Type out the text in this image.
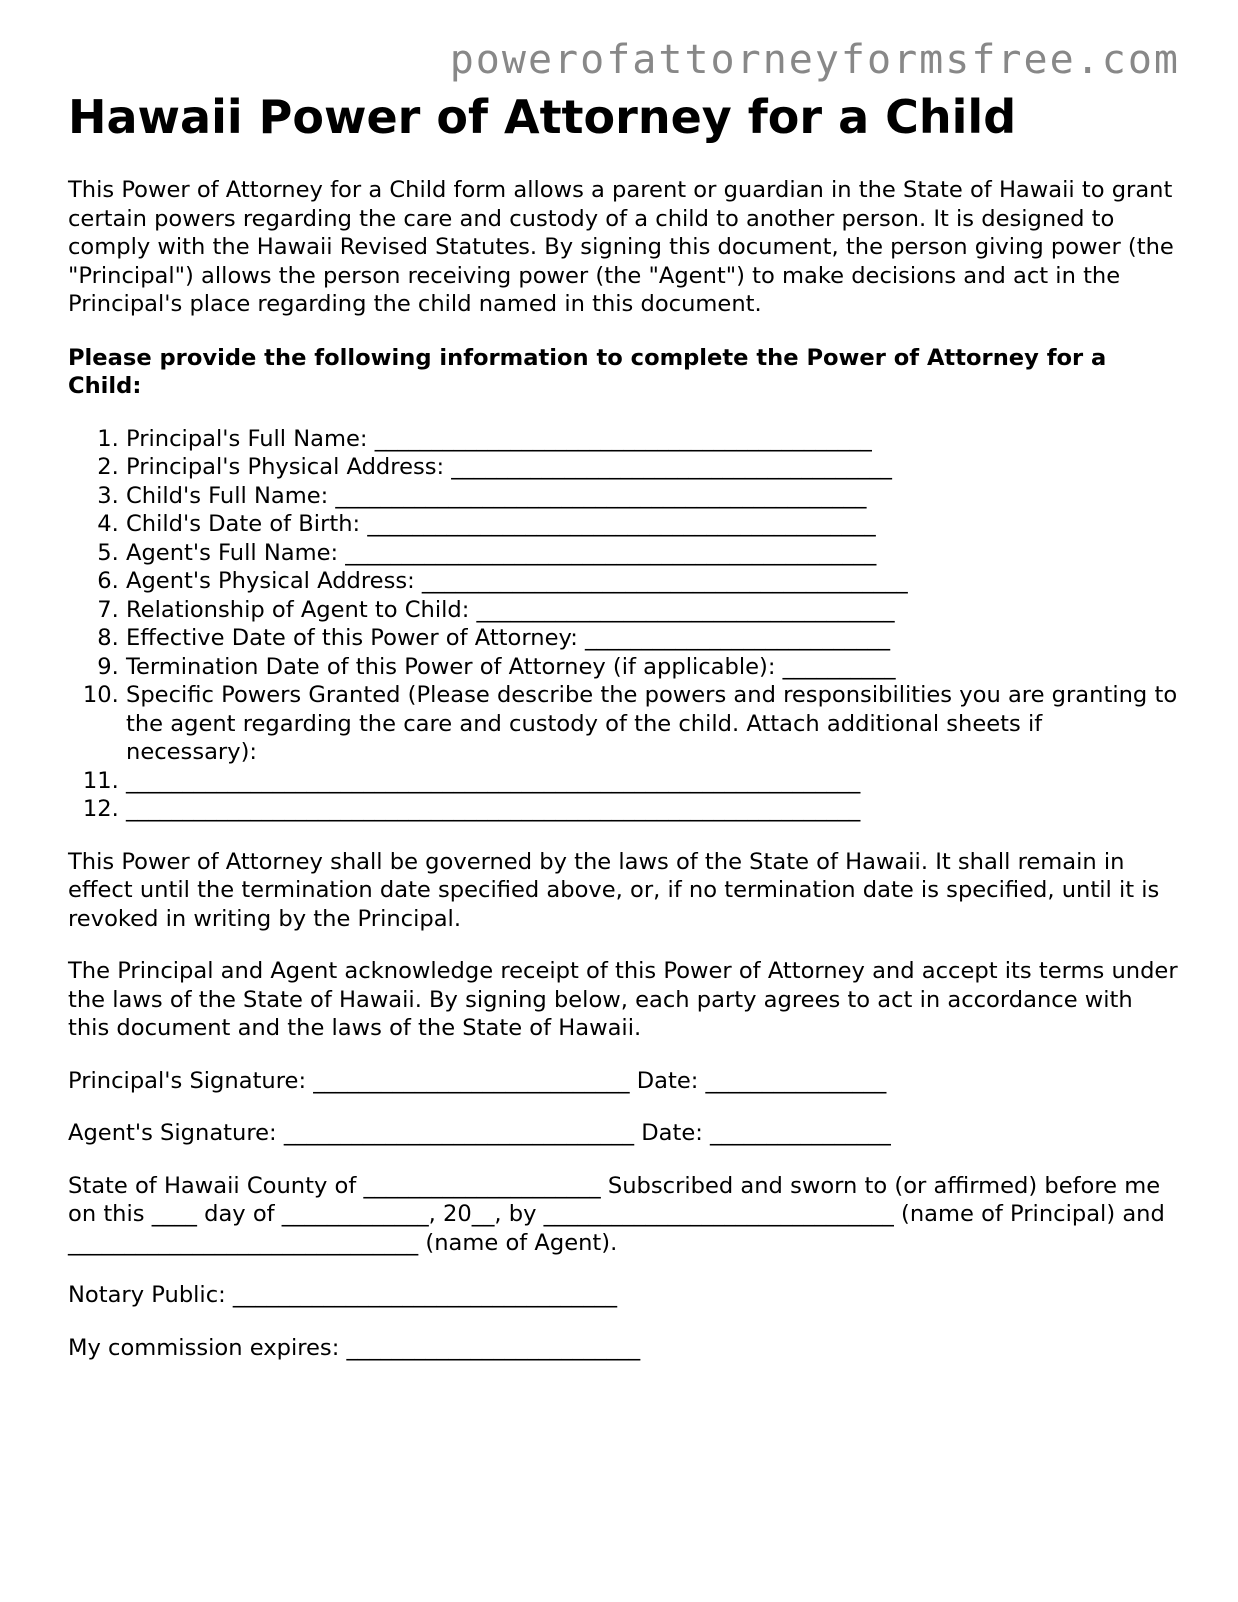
powerofattorneyformsfree.com
Hawaii Power of Attorney for a Child

This Power of Attorney for a Child form allows a parent or guardian in the State of Hawaii to grant certain powers regarding the care and custody of a child to another person. It is designed to comply with the Hawaii Revised Statutes. By signing this document, the person giving power (the "Principal") allows the person receiving power (the "Agent") to make decisions and act in the Principal's place regarding the child named in this document.

Please provide the following information to complete the Power of Attorney for a Child:

1. Principal's Full Name: ____________________________________________
2. Principal's Physical Address: _______________________________________
3. Child's Full Name: _______________________________________________
4. Child's Date of Birth: _____________________________________________
5. Agent's Full Name: _______________________________________________
6. Agent's Physical Address: ___________________________________________
7. Relationship of Agent to Child: _____________________________________
8. Effective Date of this Power of Attorney: ___________________________
9. Termination Date of this Power of Attorney (if applicable): __________
10. Specific Powers Granted (Please describe the powers and responsibilities you are granting to the agent regarding the care and custody of the child. Attach additional sheets if necessary):
11. _________________________________________________________________
12. _________________________________________________________________

This Power of Attorney shall be governed by the laws of the State of Hawaii. It shall remain in effect until the termination date specified above, or, if no termination date is specified, until it is revoked in writing by the Principal.

The Principal and Agent acknowledge receipt of this Power of Attorney and accept its terms under the laws of the State of Hawaii. By signing below, each party agrees to act in accordance with this document and the laws of the State of Hawaii.

Principal's Signature: ____________________________ Date: ________________

Agent's Signature: _______________________________ Date: ________________

State of Hawaii County of _____________________ Subscribed and sworn to (or affirmed) before me on this ____ day of _____________, 20__, by _______________________________ (name of Principal) and _______________________________ (name of Agent).

Notary Public: __________________________________

My commission expires: __________________________
